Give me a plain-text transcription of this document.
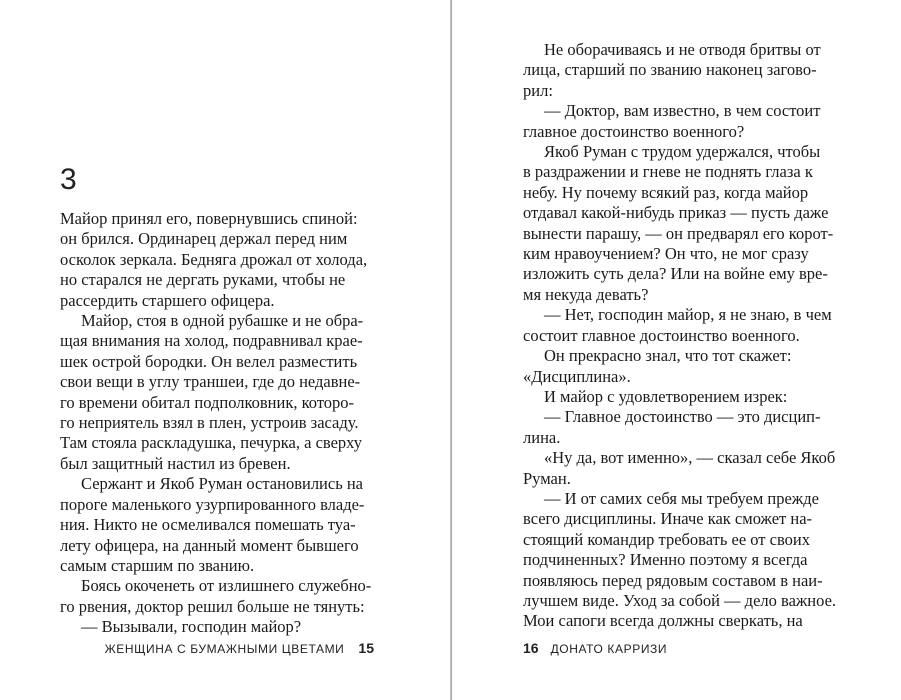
3
Майор принял его, повернувшись спиной:
он брился. Ординарец держал перед ним
осколок зеркала. Бедняга дрожал от холода,
но старался не дергать руками, чтобы не
рассердить старшего офицера.
Майор, стоя в одной рубашке и не обра-
щая внимания на холод, подравнивал крае-
шек острой бородки. Он велел разместить
свои вещи в углу траншеи, где до недавне-
го времени обитал подполковник, которо-
го неприятель взял в плен, устроив засаду.
Там стояла раскладушка, печурка, а сверху
был защитный настил из бревен.
Сержант и Якоб Руман остановились на
пороге маленького узурпированного владе-
ния. Никто не осмеливался помешать туа-
лету офицера, на данный момент бывшего
самым старшим по званию.
Боясь окоченеть от излишнего служебно-
го рвения, доктор решил больше не тянуть:
— Вызывали, господин майор?
ЖЕНЩИНА С БУМАЖНЫМИ ЦВЕТАМИ 15
Не оборачиваясь и не отводя бритвы от
лица, старший по званию наконец загово-
рил:
— Доктор, вам известно, в чем состоит
главное достоинство военного?
Якоб Руман с трудом удержался, чтобы
в раздражении и гневе не поднять глаза к
небу. Ну почему всякий раз, когда майор
отдавал какой-нибудь приказ — пусть даже
вынести парашу, — он предварял его корот-
ким нравоучением? Он что, не мог сразу
изложить суть дела? Или на войне ему вре-
мя некуда девать?
— Нет, господин майор, я не знаю, в чем
состоит главное достоинство военного.
Он прекрасно знал, что тот скажет:
«Дисциплина».
И майор с удовлетворением изрек:
— Главное достоинство — это дисцип-
лина.
«Ну да, вот именно», — сказал себе Якоб
Руман.
— И от самих себя мы требуем прежде
всего дисциплины. Иначе как сможет на-
стоящий командир требовать ее от своих
подчиненных? Именно поэтому я всегда
появляюсь перед рядовым составом в наи-
лучшем виде. Уход за собой — дело важное.
Мои сапоги всегда должны сверкать, на
16 ДОНАТО КАРРИЗИ
